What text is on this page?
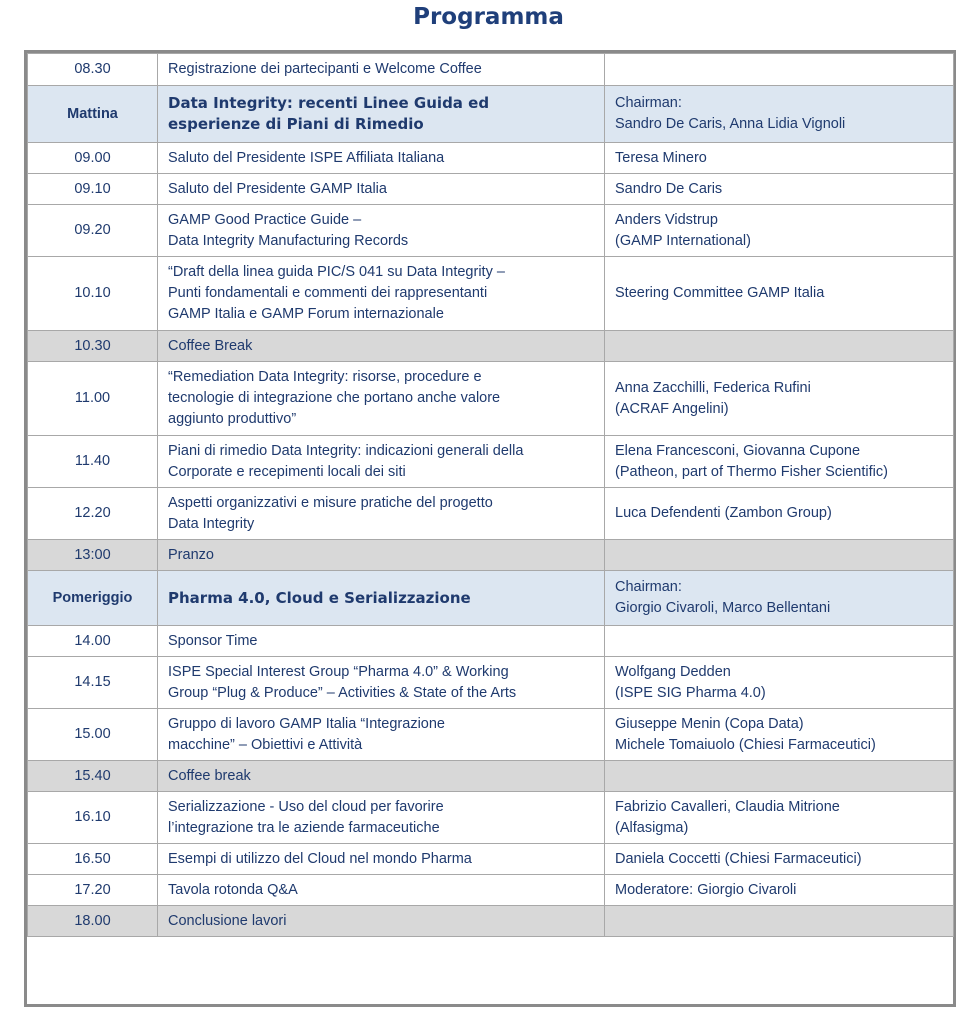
Programma
08.30	Registrazione dei partecipanti e Welcome Coffee	
Mattina	Data Integrity: recenti Linee Guida ed
esperienze di Piani di Rimedio	Chairman:
Sandro De Caris, Anna Lidia Vignoli
09.00	Saluto del Presidente ISPE Affiliata Italiana	Teresa Minero
09.10	Saluto del Presidente GAMP Italia	Sandro De Caris
09.20	GAMP Good Practice Guide –
Data Integrity Manufacturing Records	Anders Vidstrup
(GAMP International)
10.10	“Draft della linea guida PIC/S 041 su Data Integrity –
Punti fondamentali e commenti dei rappresentanti
GAMP Italia e GAMP Forum internazionale	Steering Committee GAMP Italia
10.30	Coffee Break	
11.00	“Remediation Data Integrity: risorse, procedure e
tecnologie di integrazione che portano anche valore
aggiunto produttivo”	Anna Zacchilli, Federica Rufini
(ACRAF Angelini)
11.40	Piani di rimedio Data Integrity: indicazioni generali della
Corporate e recepimenti locali dei siti	Elena Francesconi, Giovanna Cupone
(Patheon, part of Thermo Fisher Scientific)
12.20	Aspetti organizzativi e misure pratiche del progetto
Data Integrity	Luca Defendenti (Zambon Group)
13:00	Pranzo	
Pomeriggio	Pharma 4.0, Cloud e Serializzazione	Chairman:
Giorgio Civaroli, Marco Bellentani
14.00	Sponsor Time	
14.15	ISPE Special Interest Group “Pharma 4.0” & Working
Group “Plug & Produce” – Activities & State of the Arts	Wolfgang Dedden
(ISPE SIG Pharma 4.0)
15.00	Gruppo di lavoro GAMP Italia “Integrazione
macchine” – Obiettivi e Attività	Giuseppe Menin (Copa Data)
Michele Tomaiuolo (Chiesi Farmaceutici)
15.40	Coffee break	
16.10	Serializzazione - Uso del cloud per favorire
l’integrazione tra le aziende farmaceutiche	Fabrizio Cavalleri, Claudia Mitrione
(Alfasigma)
16.50	Esempi di utilizzo del Cloud nel mondo Pharma	Daniela Coccetti (Chiesi Farmaceutici)
17.20	Tavola rotonda Q&A	Moderatore: Giorgio Civaroli
18.00	Conclusione lavori	
